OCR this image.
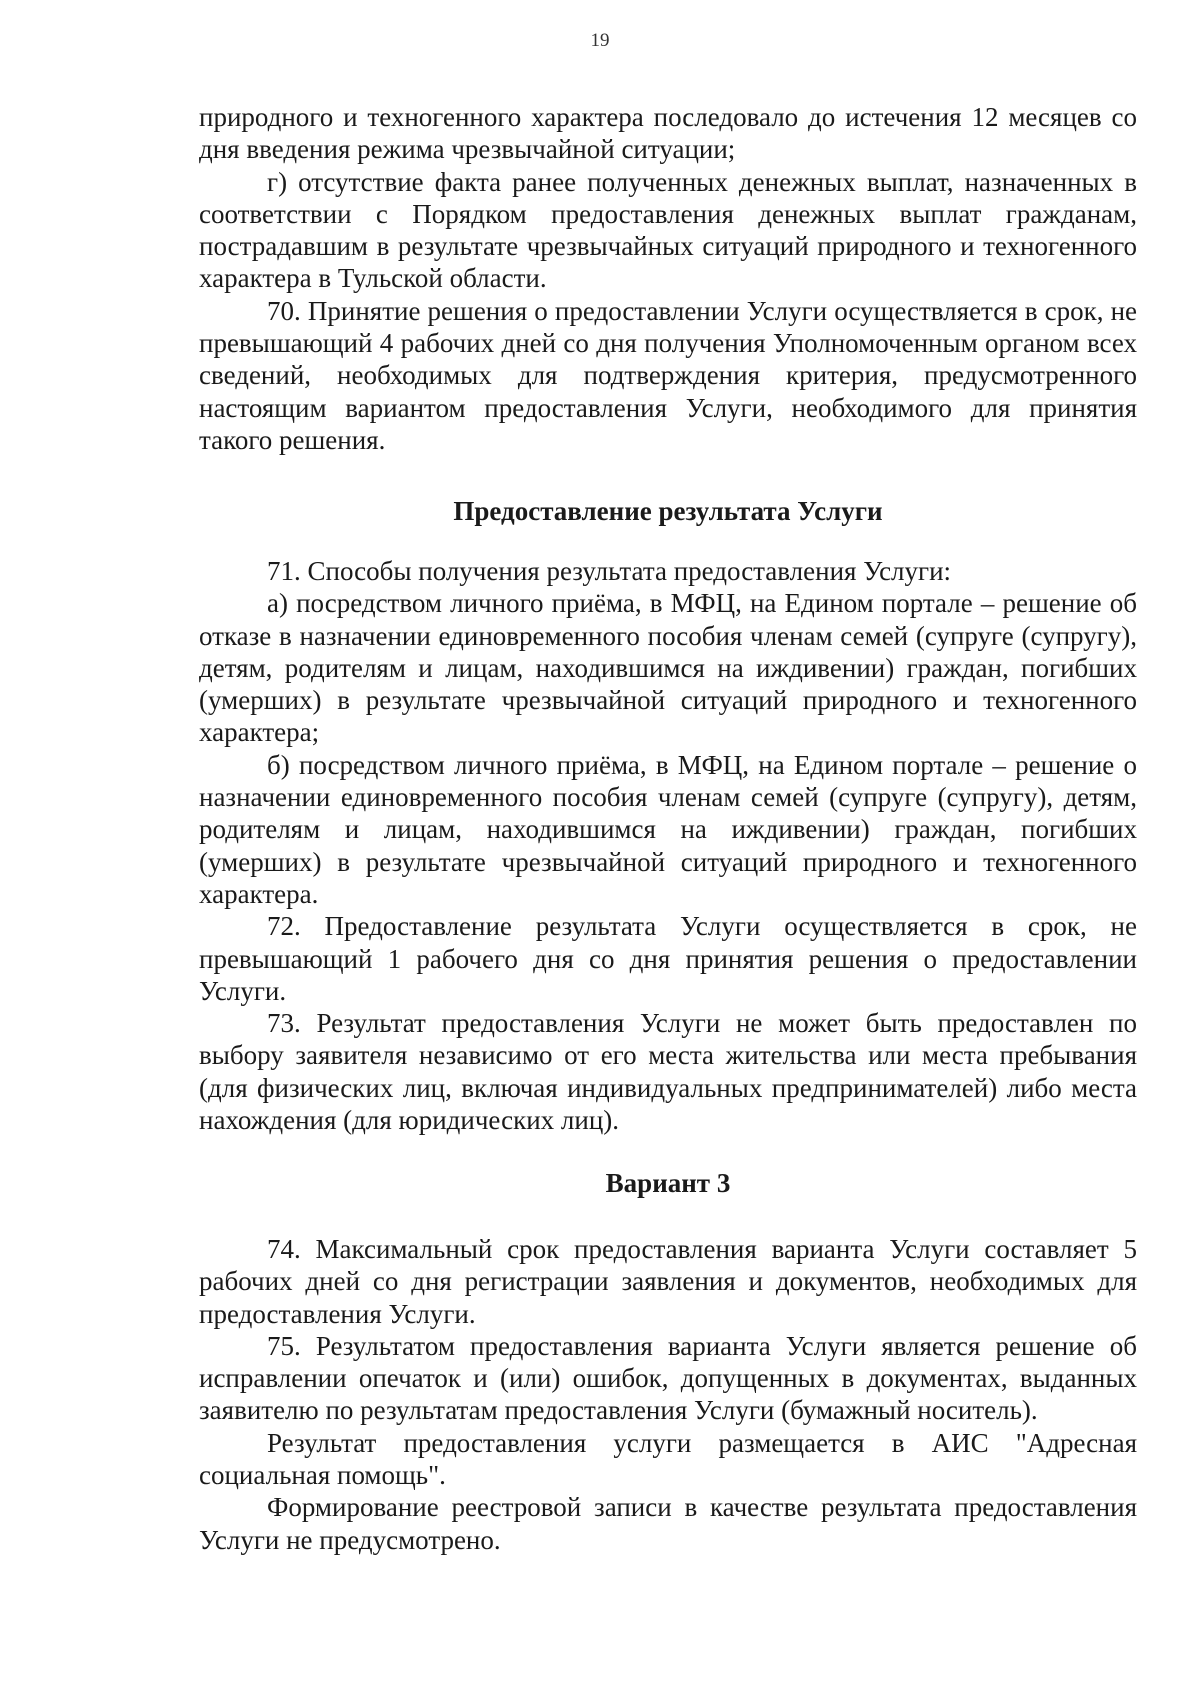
19

природного и техногенного характера последовало до истечения 12 месяцев со дня введения режима чрезвычайной ситуации;

г) отсутствие факта ранее полученных денежных выплат, назначенных в соответствии с Порядком предоставления денежных выплат гражданам, пострадавшим в результате чрезвычайных ситуаций природного и техногенного характера в Тульской области.

70. Принятие решения о предоставлении Услуги осуществляется в срок, не превышающий 4 рабочих дней со дня получения Уполномоченным органом всех сведений, необходимых для подтверждения критерия, предусмотренного настоящим вариантом предоставления Услуги, необходимого для принятия такого решения.

Предоставление результата Услуги

71. Способы получения результата предоставления Услуги:

а) посредством личного приёма, в МФЦ, на Едином портале – решение об отказе в назначении единовременного пособия членам семей (супруге (супругу), детям, родителям и лицам, находившимся на иждивении) граждан, погибших (умерших) в результате чрезвычайной ситуаций природного и техногенного характера;

б) посредством личного приёма, в МФЦ, на Едином портале – решение о назначении единовременного пособия членам семей (супруге (супругу), детям, родителям и лицам, находившимся на иждивении) граждан, погибших (умерших) в результате чрезвычайной ситуаций природного и техногенного характера.

72. Предоставление результата Услуги осуществляется в срок, не превышающий 1 рабочего дня со дня принятия решения о предоставлении Услуги.

73. Результат предоставления Услуги не может быть предоставлен по выбору заявителя независимо от его места жительства или места пребывания (для физических лиц, включая индивидуальных предпринимателей) либо места нахождения (для юридических лиц).

Вариант 3

74. Максимальный срок предоставления варианта Услуги составляет 5 рабочих дней со дня регистрации заявления и документов, необходимых для предоставления Услуги.

75. Результатом предоставления варианта Услуги является решение об исправлении опечаток и (или) ошибок, допущенных в документах, выданных заявителю по результатам предоставления Услуги (бумажный носитель).

Результат предоставления услуги размещается в АИС "Адресная социальная помощь".

Формирование реестровой записи в качестве результата предоставления Услуги не предусмотрено.
